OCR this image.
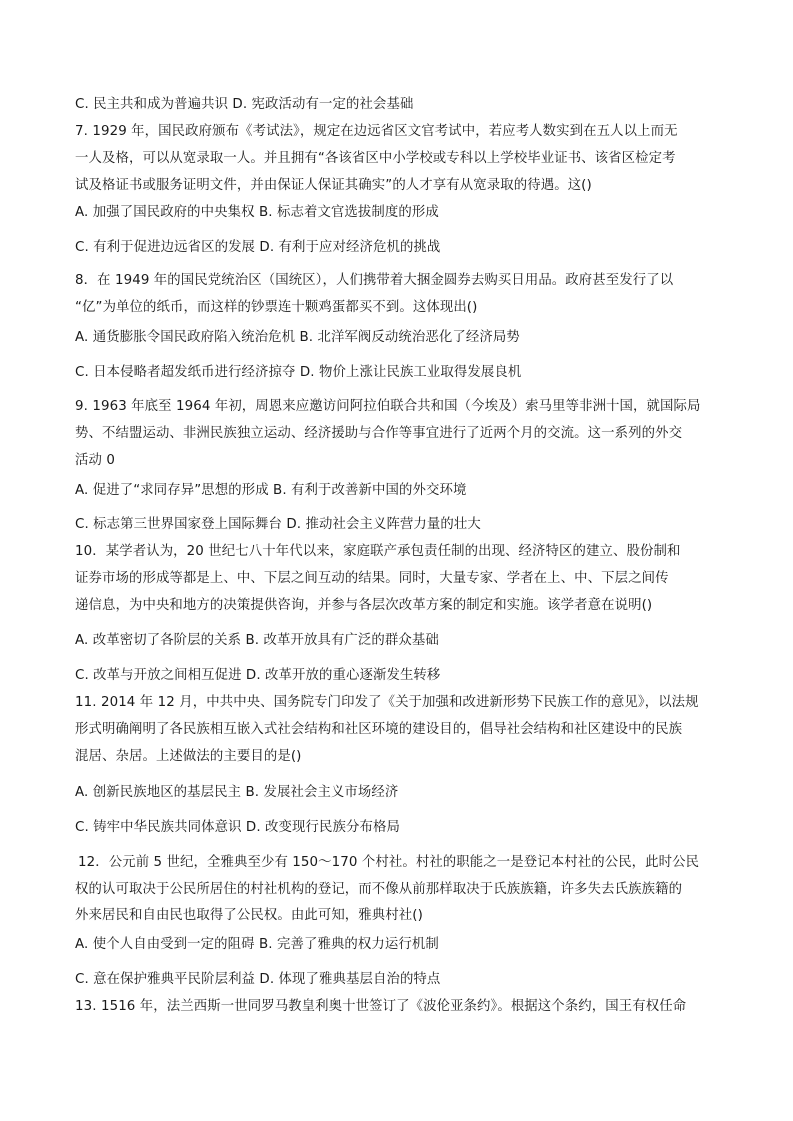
C. 民主共和成为普遍共识 D. 宪政活动有一定的社会基础
7. 1929 年，国民政府颁布《考试法》，规定在边远省区文官考试中，若应考人数实到在五人以上而无
一人及格，可以从宽录取一人。并且拥有“各该省区中小学校或专科以上学校毕业证书、该省区检定考
试及格证书或服务证明文件，并由保证人保证其确实”的人才享有从宽录取的待遇。这()
A. 加强了国民政府的中央集权 B. 标志着文官选拔制度的形成
C. 有利于促进边远省区的发展 D. 有利于应对经济危机的挑战
8．在 1949 年的国民党统治区（国统区），人们携带着大捆金圆券去购买日用品。政府甚至发行了以
“亿”为单位的纸币，而这样的钞票连十颗鸡蛋都买不到。这体现出()
A. 通货膨胀令国民政府陷入统治危机 B. 北洋军阀反动统治恶化了经济局势
C. 日本侵略者超发纸币进行经济掠夺 D. 物价上涨让民族工业取得发展良机
9. 1963 年底至 1964 年初，周恩来应邀访问阿拉伯联合共和国（今埃及）索马里等非洲十国，就国际局
势、不结盟运动、非洲民族独立运动、经济援助与合作等事宜进行了近两个月的交流。这一系列的外交
活动 0
A. 促进了“求同存异”思想的形成 B. 有利于改善新中国的外交环境
C. 标志第三世界国家登上国际舞台 D. 推动社会主义阵营力量的壮大
10．某学者认为，20 世纪七八十年代以来，家庭联产承包责任制的出现、经济特区的建立、股份制和
证券市场的形成等都是上、中、下层之间互动的结果。同时，大量专家、学者在上、中、下层之间传
递信息，为中央和地方的决策提供咨询，并参与各层次改革方案的制定和实施。该学者意在说明()
A. 改革密切了各阶层的关系 B. 改革开放具有广泛的群众基础
C. 改革与开放之间相互促进 D. 改革开放的重心逐渐发生转移
11. 2014 年 12 月，中共中央、国务院专门印发了《关于加强和改进新形势下民族工作的意见》，以法规
形式明确阐明了各民族相互嵌入式社会结构和社区环境的建设目的，倡导社会结构和社区建设中的民族
混居、杂居。上述做法的主要目的是()
A. 创新民族地区的基层民主 B. 发展社会主义市场经济
C. 铸牢中华民族共同体意识 D. 改变现行民族分布格局
12．公元前 5 世纪，全雅典至少有 150～170 个村社。村社的职能之一是登记本村社的公民，此时公民
权的认可取决于公民所居住的村社机构的登记，而不像从前那样取决于氏族族籍，许多失去氏族族籍的
外来居民和自由民也取得了公民权。由此可知，雅典村社()
A. 使个人自由受到一定的阻碍 B. 完善了雅典的权力运行机制
C. 意在保护雅典平民阶层利益 D. 体现了雅典基层自治的特点
13. 1516 年，法兰西斯一世同罗马教皇利奥十世签订了《波伦亚条约》。根据这个条约，国王有权任命
